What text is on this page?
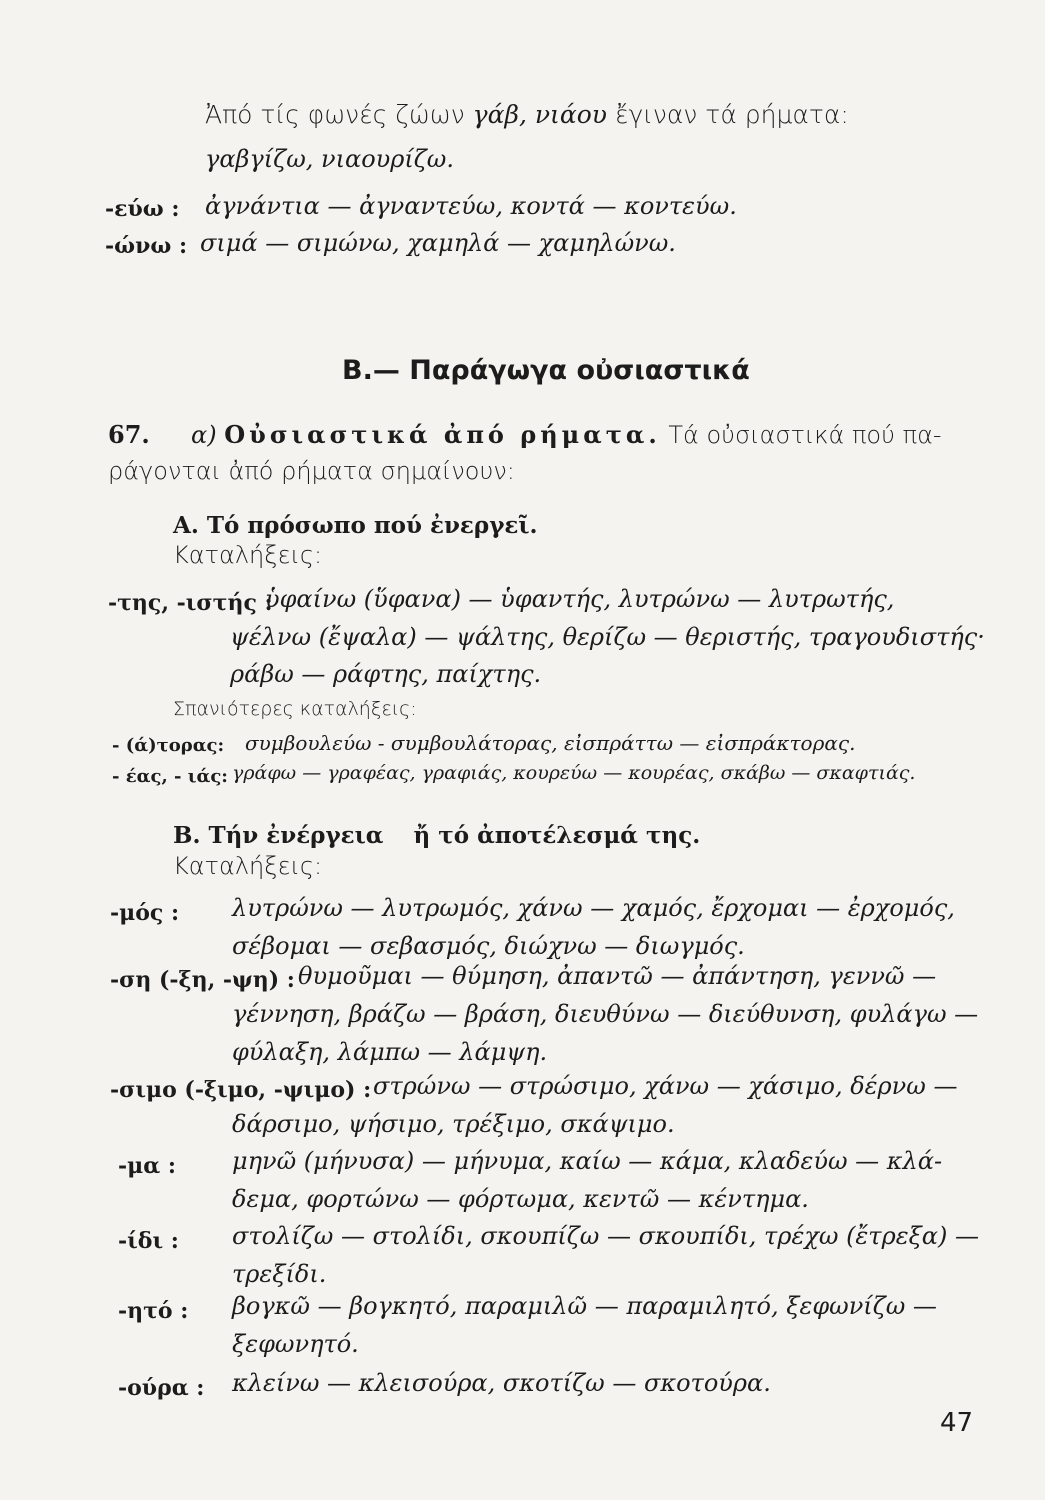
Ἀπό τίς φωνές ζώων γάβ, νιάου ἔγιναν τά ρήματα:
γαβγίζω, νιαουρίζω.
-εύω : ἀγνάντια — ἀγναντεύω, κοντά — κοντεύω.
-ώνω : σιμά — σιμώνω, χαμηλά — χαμηλώνω.
B.— Παράγωγα οὐσιαστικά
67. α) Οὐσιαστικά ἀπό ρήματα. Τά οὐσιαστικά πού πα-
ράγονται ἀπό ρήματα σημαίνουν:
A. Τό πρόσωπο πού ἐνεργεῖ.
Καταλήξεις:
-της, -ιστής :
ὑφαίνω (ὕφανα) — ὑφαντής, λυτρώνω — λυτρωτής,
ψέλνω (ἔψαλα) — ψάλτης, θερίζω — θεριστής, τραγουδιστής·
ράβω — ράφτης, παίχτης.
Σπανιότερες καταλήξεις:
- (ά)τορας: συμβουλεύω - συμβουλάτορας, εἰσπράττω — εἰσπράκτορας.
- έας, - ιάς: γράφω — γραφέας, γραφιάς, κουρεύω — κουρέας, σκάβω — σκαφτιάς.
B. Τήν ἐνέργεια ἤ τό ἀποτέλεσμά της.
Καταλήξεις:
-μός : λυτρώνω — λυτρωμός, χάνω — χαμός, ἔρχομαι — ἐρχομός,
σέβομαι — σεβασμός, διώχνω — διωγμός.
-ση (-ξη, -ψη) : θυμοῦμαι — θύμηση, ἀπαντῶ — ἀπάντηση, γεννῶ —
γέννηση, βράζω — βράση, διευθύνω — διεύθυνση, φυλάγω —
φύλαξη, λάμπω — λάμψη.
-σιμο (-ξιμο, -ψιμο) : στρώνω — στρώσιμο, χάνω — χάσιμο, δέρνω —
δάρσιμο, ψήσιμο, τρέξιμο, σκάψιμο.
-μα : μηνῶ (μήνυσα) — μήνυμα, καίω — κάμα, κλαδεύω — κλά-
δεμα, φορτώνω — φόρτωμα, κεντῶ — κέντημα.
-ίδι : στολίζω — στολίδι, σκουπίζω — σκουπίδι, τρέχω (ἔτρεξα) —
τρεξίδι.
-ητό : βογκῶ — βογκητό, παραμιλῶ — παραμιλητό, ξεφωνίζω —
ξεφωνητό.
-ούρα : κλείνω — κλεισούρα, σκοτίζω — σκοτούρα.
47
